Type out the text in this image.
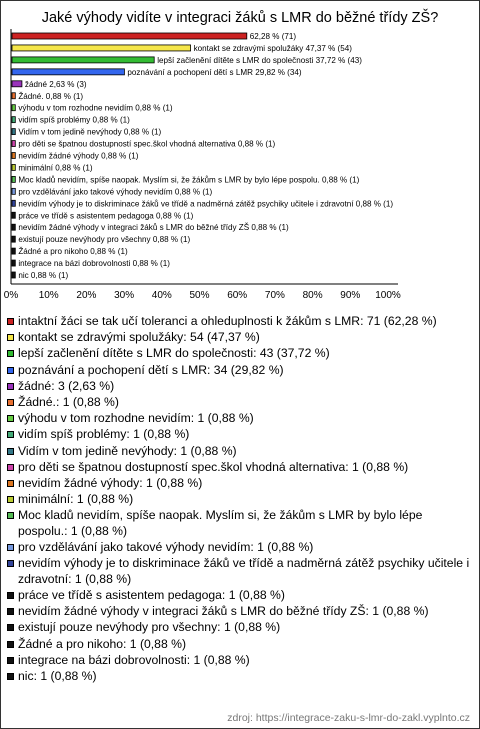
Jaké výhody vidíte v integraci žáků s LMR do běžné třídy ZŠ?
62,28 % (71)
kontakt se zdravými spolužáky 47,37 % (54)
lepší začlenění dítěte s LMR do společnosti 37,72 % (43)
poznávání a pochopení dětí s LMR 29,82 % (34)
žádné 2,63 % (3)
Žádné. 0,88 % (1)
výhodu v tom rozhodne nevidím 0,88 % (1)
vidím spíš problémy 0,88 % (1)
Vidím v tom jedině nevýhody 0,88 % (1)
pro děti se špatnou dostupností spec.škol vhodná alternativa 0,88 % (1)
nevidím žádné výhody 0,88 % (1)
minimální 0,88 % (1)
Moc kladů nevidím, spíše naopak. Myslím si, že žákům s LMR by bylo lépe pospolu. 0,88 % (1)
pro vzdělávání jako takové výhody nevidím 0,88 % (1)
nevidím výhody je to diskriminace žáků ve třídě a nadměrná zátěž psychiky učitele i zdravotní 0,88 % (1)
práce ve třídě s asistentem pedagoga 0,88 % (1)
nevidím žádné výhody v integraci žáků s LMR do běžné třídy ZŠ 0,88 % (1)
existují pouze nevýhody pro všechny 0,88 % (1)
Žádné a pro nikoho 0,88 % (1)
integrace na bázi dobrovolnosti 0,88 % (1)
nic 0,88 % (1)
0% 10% 20% 30% 40% 50% 60% 70% 80% 90% 100%
intaktní žáci se tak učí toleranci a ohleduplnosti k žákům s LMR: 71 (62,28 %)
kontakt se zdravými spolužáky: 54 (47,37 %)
lepší začlenění dítěte s LMR do společnosti: 43 (37,72 %)
poznávání a pochopení dětí s LMR: 34 (29,82 %)
žádné: 3 (2,63 %)
Žádné.: 1 (0,88 %)
výhodu v tom rozhodne nevidím: 1 (0,88 %)
vidím spíš problémy: 1 (0,88 %)
Vidím v tom jedině nevýhody: 1 (0,88 %)
pro děti se špatnou dostupností spec.škol vhodná alternativa: 1 (0,88 %)
nevidím žádné výhody: 1 (0,88 %)
minimální: 1 (0,88 %)
Moc kladů nevidím, spíše naopak. Myslím si, že žákům s LMR by bylo lépe pospolu.: 1 (0,88 %)
pro vzdělávání jako takové výhody nevidím: 1 (0,88 %)
nevidím výhody je to diskriminace žáků ve třídě a nadměrná zátěž psychiky učitele i zdravotní: 1 (0,88 %)
práce ve třídě s asistentem pedagoga: 1 (0,88 %)
nevidím žádné výhody v integraci žáků s LMR do běžné třídy ZŠ: 1 (0,88 %)
existují pouze nevýhody pro všechny: 1 (0,88 %)
Žádné a pro nikoho: 1 (0,88 %)
integrace na bázi dobrovolnosti: 1 (0,88 %)
nic: 1 (0,88 %)
zdroj: https://integrace-zaku-s-lmr-do-zakl.vyplnto.cz
